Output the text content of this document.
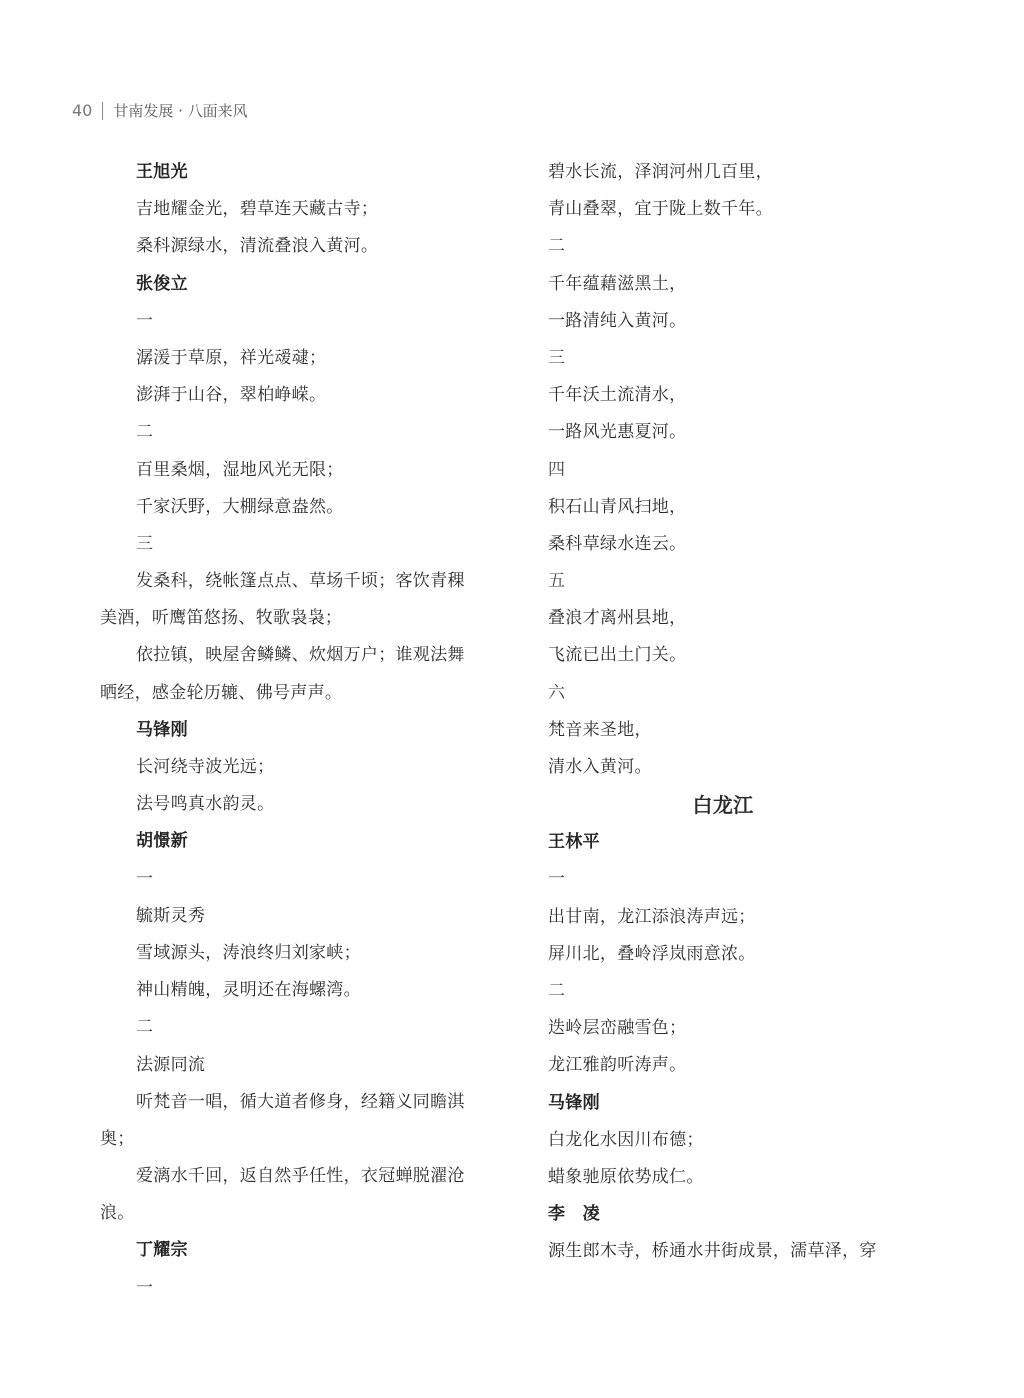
40 甘南发展 · 八面来风
王旭光
吉地耀金光，碧草连天藏古寺；
桑科源绿水，清流叠浪入黄河。
张俊立
一
潺湲于草原，祥光叆叇；
澎湃于山谷，翠柏峥嵘。
二
百里桑烟，湿地风光无限；
千家沃野，大棚绿意盎然。
三
发桑科，绕帐篷点点、草场千顷；客饮青稞
美酒，听鹰笛悠扬、牧歌袅袅；
依拉镇，映屋舍鳞鳞、炊烟万户；谁观法舞
晒经，感金轮历辘、佛号声声。
马锋刚
长河绕寺波光远；
法号鸣真水韵灵。
胡憬新
一
毓斯灵秀
雪域源头，涛浪终归刘家峡；
神山精魄，灵明还在海螺湾。
二
法源同流
听梵音一唱，循大道者修身，经籍义同瞻淇
奥；
爱漓水千回，返自然乎任性，衣冠蝉脱濯沧
浪。
丁耀宗
一
碧水长流，泽润河州几百里，
青山叠翠，宜于陇上数千年。
二
千年蕴藉滋黑土，
一路清纯入黄河。
三
千年沃土流清水，
一路风光惠夏河。
四
积石山青风扫地，
桑科草绿水连云。
五
叠浪才离州县地，
飞流已出土门关。
六
梵音来圣地，
清水入黄河。
白龙江
王林平
一
出甘南，龙江添浪涛声远；
屏川北，叠岭浮岚雨意浓。
二
迭岭层峦融雪色；
龙江雅韵听涛声。
马锋刚
白龙化水因川布德；
蜡象驰原依势成仁。
李　凌
源生郎木寺，桥通水井街成景，濡草泽，穿
